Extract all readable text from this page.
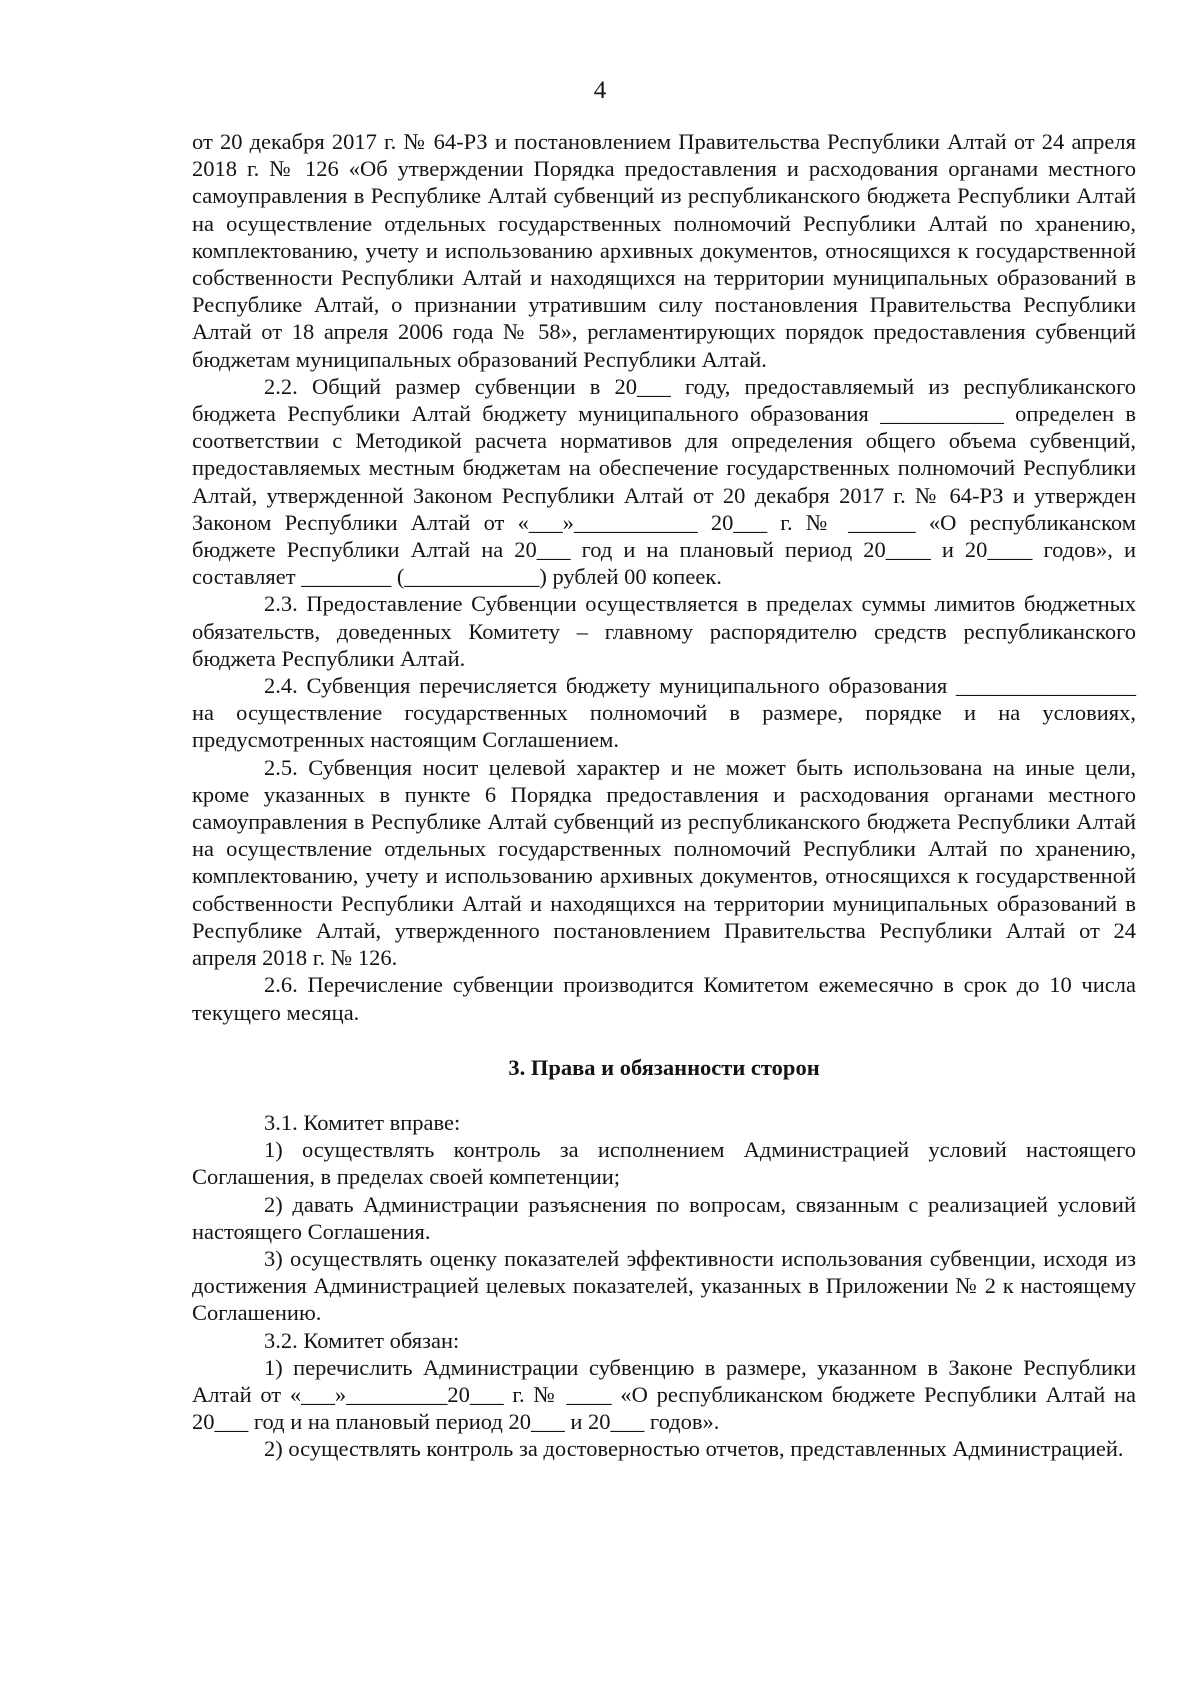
4

от 20 декабря 2017 г. № 64-РЗ и постановлением Правительства Республики Алтай от 24 апреля 2018 г. № 126 «Об утверждении Порядка предоставления и расходования органами местного самоуправления в Республике Алтай субвенций из республиканского бюджета Республики Алтай на осуществление отдельных государственных полномочий Республики Алтай по хранению, комплектованию, учету и использованию архивных документов, относящихся к государственной собственности Республики Алтай и находящихся на территории муниципальных образований в Республике Алтай, о признании утратившим силу постановления Правительства Республики Алтай от 18 апреля 2006 года № 58», регламентирующих порядок предоставления субвенций бюджетам муниципальных образований Республики Алтай.

2.2. Общий размер субвенции в 20___ году, предоставляемый из республиканского бюджета Республики Алтай бюджету муниципального образования ___________ определен в соответствии с Методикой расчета нормативов для определения общего объема субвенций, предоставляемых местным бюджетам на обеспечение государственных полномочий Республики Алтай, утвержденной Законом Республики Алтай от 20 декабря 2017 г. № 64-РЗ и утвержден Законом Республики Алтай от «___»___________ 20___ г. № ______ «О республиканском бюджете Республики Алтай на 20___ год и на плановый период 20____ и 20____ годов», и составляет ________ (____________) рублей 00 копеек.

2.3. Предоставление Субвенции осуществляется в пределах суммы лимитов бюджетных обязательств, доведенных Комитету – главному распорядителю средств республиканского бюджета Республики Алтай.

2.4. Субвенция перечисляется бюджету муниципального образования ________________ на осуществление государственных полномочий в размере, порядке и на условиях, предусмотренных настоящим Соглашением.

2.5. Субвенция носит целевой характер и не может быть использована на иные цели, кроме указанных в пункте 6 Порядка предоставления и расходования органами местного самоуправления в Республике Алтай субвенций из республиканского бюджета Республики Алтай на осуществление отдельных государственных полномочий Республики Алтай по хранению, комплектованию, учету и использованию архивных документов, относящихся к государственной собственности Республики Алтай и находящихся на территории муниципальных образований в Республике Алтай, утвержденного постановлением Правительства Республики Алтай от 24 апреля 2018 г. № 126.

2.6. Перечисление субвенции производится Комитетом ежемесячно в срок до 10 числа текущего месяца.

3. Права и обязанности сторон

3.1. Комитет вправе:

1) осуществлять контроль за исполнением Администрацией условий настоящего Соглашения, в пределах своей компетенции;

2) давать Администрации разъяснения по вопросам, связанным с реализацией условий настоящего Соглашения.

3) осуществлять оценку показателей эффективности использования субвенции, исходя из достижения Администрацией целевых показателей, указанных в Приложении № 2 к настоящему Соглашению.

3.2. Комитет обязан:

1) перечислить Администрации субвенцию в размере, указанном в Законе Республики Алтай от «___»_________20___ г. № ____ «О республиканском бюджете Республики Алтай на 20___ год и на плановый период 20___ и 20___ годов».

2) осуществлять контроль за достоверностью отчетов, представленных Администрацией.
